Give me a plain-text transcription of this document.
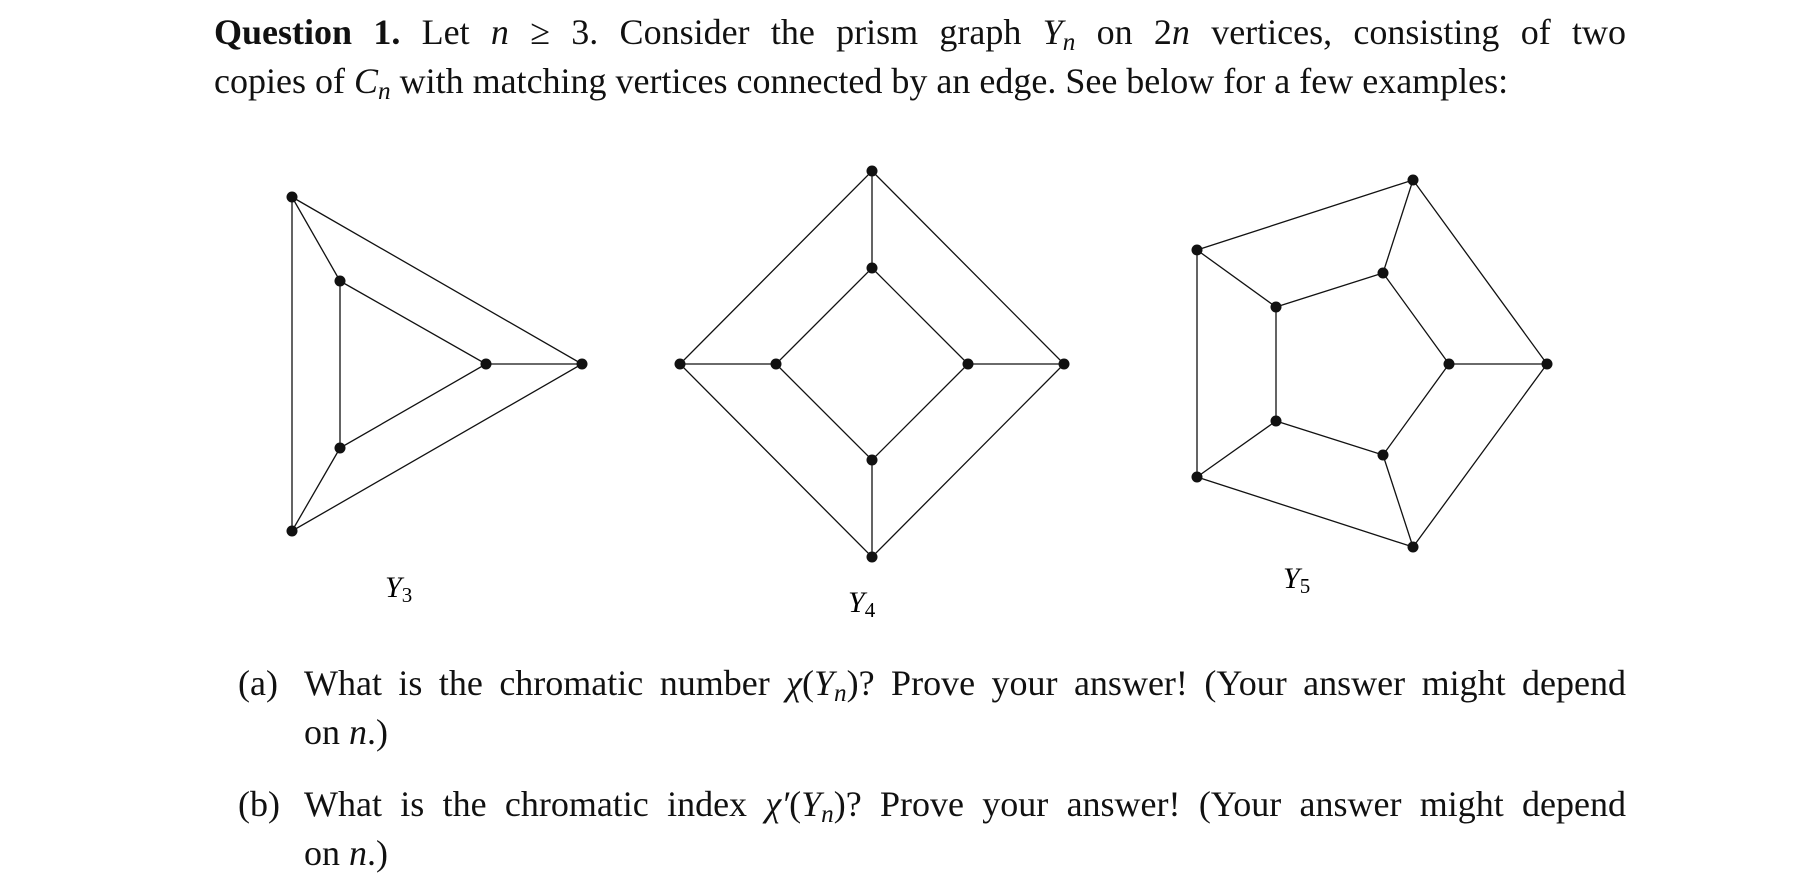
Question 1. Let n ≥ 3. Consider the prism graph Yn on 2n vertices, consisting of two
copies of Cn with matching vertices connected by an edge. See below for a few examples:
Y3	Y4
Y5
(a) What is the chromatic number χ(Yn)? Prove your answer! (Your answer might depend
on n.)
(b) What is the chromatic index χ′(Yn)? Prove your answer! (Your answer might depend
on n.)
